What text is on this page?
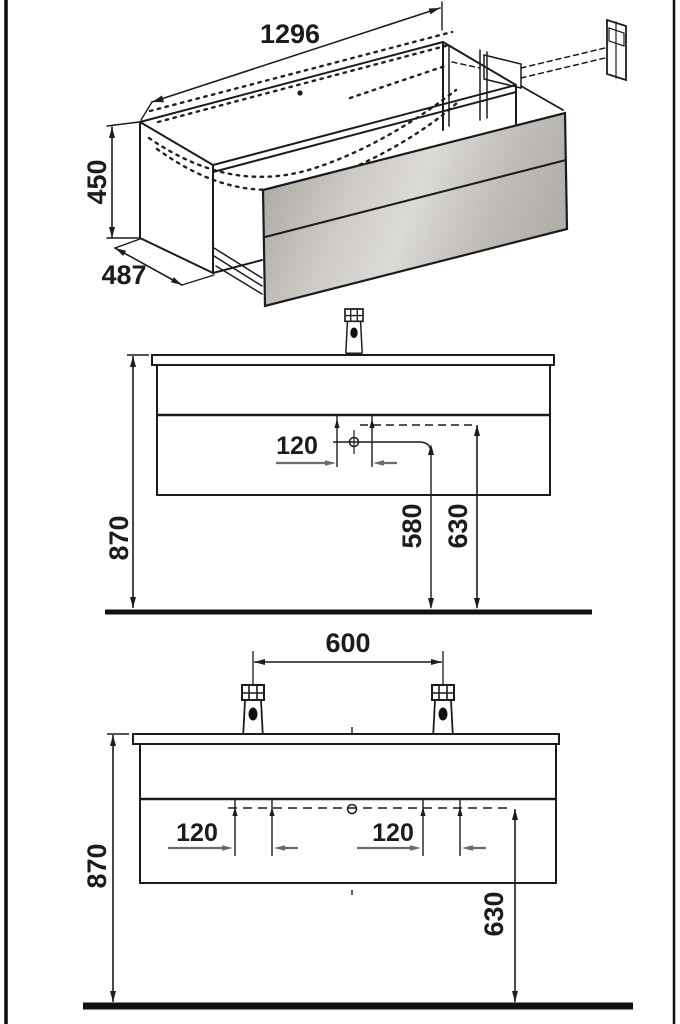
1296
450
487
120
870	580 630
600
120	120
870
630
